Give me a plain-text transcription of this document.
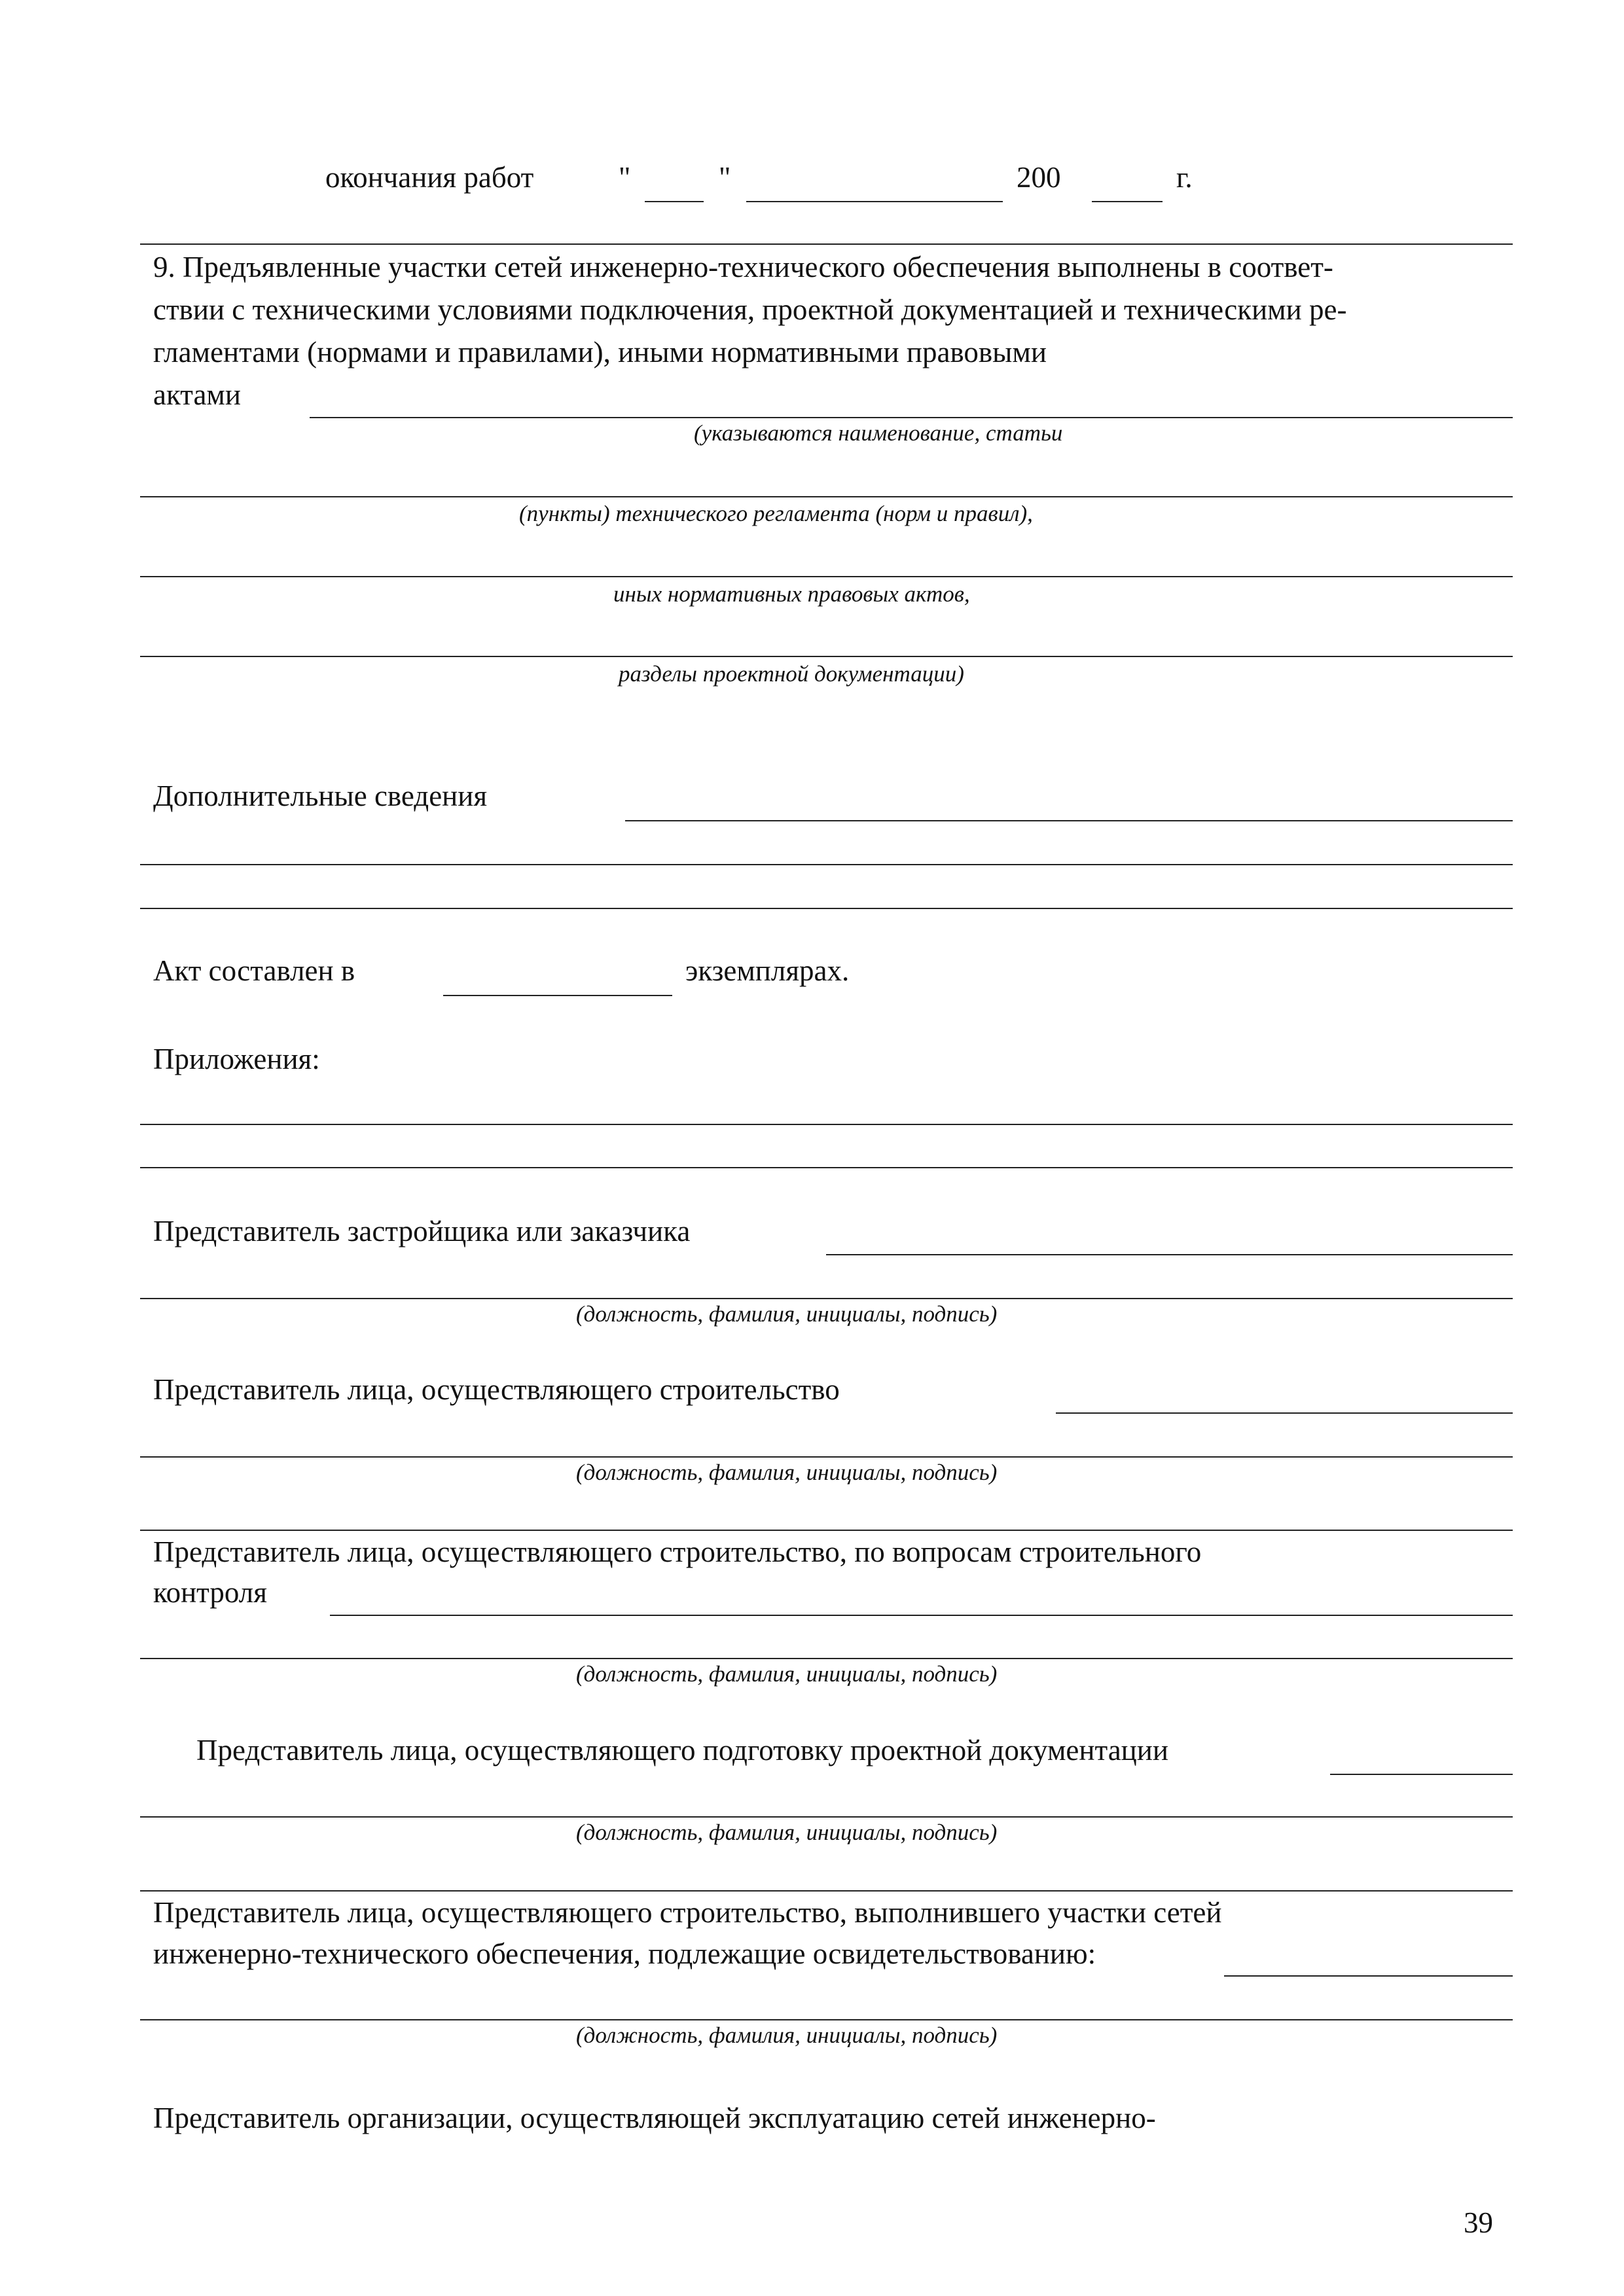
окончания работ	"	"	200	г.
9. Предъявленные участки сетей инженерно-технического обеспечения выполнены в соответ-
ствии с техническими условиями подключения, проектной документацией и техническими ре-
гламентами (нормами и правилами), иными нормативными правовыми
актами
(указываются наименование, статьи
(пункты) технического регламента (норм и правил),
иных нормативных правовых актов,
разделы проектной документации)
Дополнительные сведения
Акт составлен в	экземплярах.
Приложения:
Представитель застройщика или заказчика
(должность, фамилия, инициалы, подпись)
Представитель лица, осуществляющего строительство
(должность, фамилия, инициалы, подпись)
Представитель лица, осуществляющего строительство, по вопросам строительного
контроля
(должность, фамилия, инициалы, подпись)
Представитель лица, осуществляющего подготовку проектной документации
(должность, фамилия, инициалы, подпись)
Представитель лица, осуществляющего строительство, выполнившего участки сетей
инженерно-технического обеспечения, подлежащие освидетельствованию:
(должность, фамилия, инициалы, подпись)
Представитель организации, осуществляющей эксплуатацию сетей инженерно-
39
